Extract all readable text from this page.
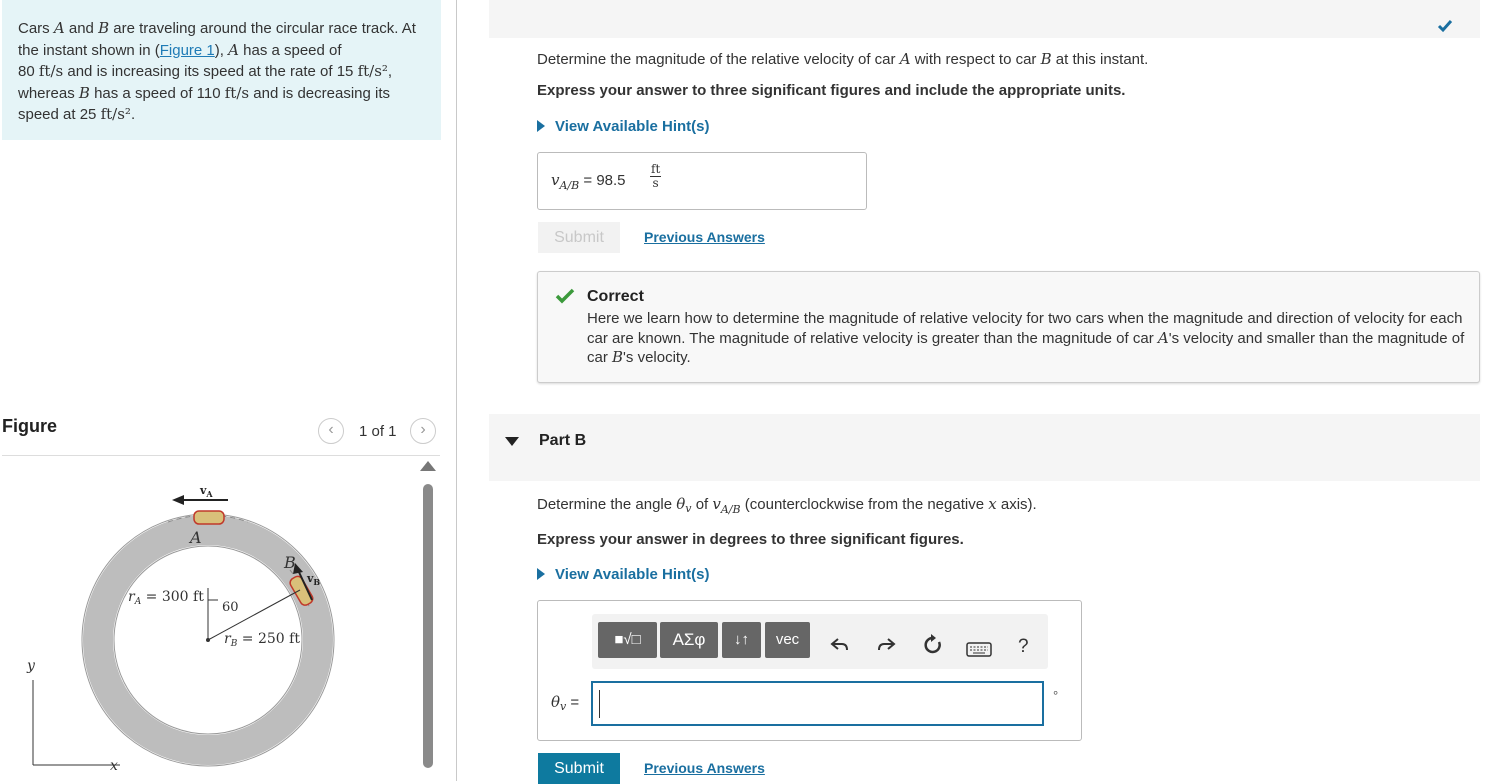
Cars A and B are traveling around the circular race track. At the instant shown in (Figure 1), A has a speed of
80 ft/s and is increasing its speed at the rate of 15 ft/s², whereas B has a speed of 110 ft/s and is decreasing its speed at 25 ft/s².
Figure	‹	1 of 1	›
$v_A$
A
$v_B$
B
$r_A = 300$ ft
60
$r_B = 250$ ft
y
x
Determine the magnitude of the relative velocity of car A with respect to car B at this instant.
Express your answer to three significant figures and include the appropriate units.
View Available Hint(s)
$v_{A/B} = 98.5$
ft
s
Submit	Previous Answers
Correct
Here we learn how to determine the magnitude of relative velocity for two cars when the magnitude and direction of velocity for each car are known. The magnitude of relative velocity is greater than the magnitude of car A's velocity and smaller than the magnitude of car B's velocity.
Part B
Determine the angle $\theta_v$ of $v_{A/B}$ (counterclockwise from the negative x axis).
Express your answer in degrees to three significant figures.
View Available Hint(s)
■√□	ΑΣφ	↓↑	vec	?
$\theta_v$ =	°
Submit	Previous Answers
